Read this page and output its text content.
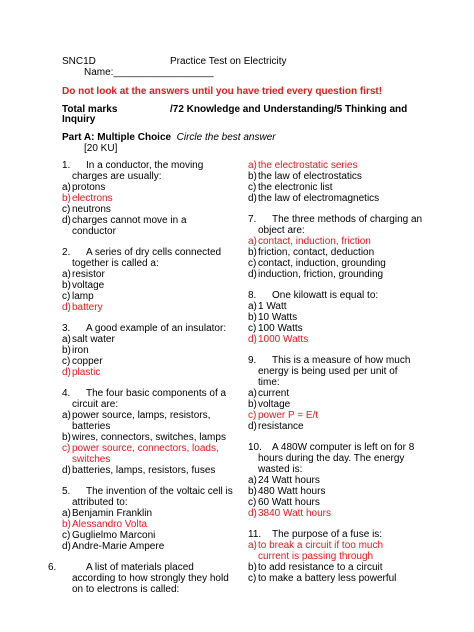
SNC1D	Practice Test on Electricity
Name:__________________
Do not look at the answers until you have tried every question first!
Total marks	/72 Knowledge and Understanding/5 Thinking and
Inquiry
Part A: Multiple Choice Circle the best answer
[20 KU]
1. In a conductor, the moving
charges are usually:
a)protons
b)electrons
c) neutrons
d)charges cannot move in a
conductor
2. A series of dry cells connected
together is called a:
a)resistor
b)voltage
c) lamp
d)battery
3. A good example of an insulator:
a)salt water
b)iron
c) copper
d)plastic
4. The four basic components of a
circuit are:
a)power source, lamps, resistors,
batteries
b)wires, connectors, switches, lamps
c) power source, connectors, loads,
switches
d)batteries, lamps, resistors, fuses
5. The invention of the voltaic cell is
attributed to:
a)Benjamin Franklin
b)Alessandro Volta
c) Guglielmo Marconi
d)Andre-Marie Ampere
6.	A list of materials placed
according to how strongly they hold
on to electrons is called:
a)the electrostatic series
b)the law of electrostatics
c) the electronic list
d)the law of electromagnetics
7. The three methods of charging an
object are:
a)contact, induction, friction
b)friction, contact, deduction
c) contact, induction, grounding
d)induction, friction, grounding
8. One kilowatt is equal to:
a)1 Watt
b)10 Watts
c) 100 Watts
d)1000 Watts
9. This is a measure of how much
energy is being used per unit of
time:
a)current
b)voltage
c) power P = E/t
d)resistance
10. A 480W computer is left on for 8
hours during the day. The energy
wasted is:
a)24 Watt hours
b)480 Watt hours
c) 60 Watt hours
d)3840 Watt hours
11. The purpose of a fuse is:
a)to break a circuit if too much
current is passing through
b)to add resistance to a circuit
c) to make a battery less powerful
